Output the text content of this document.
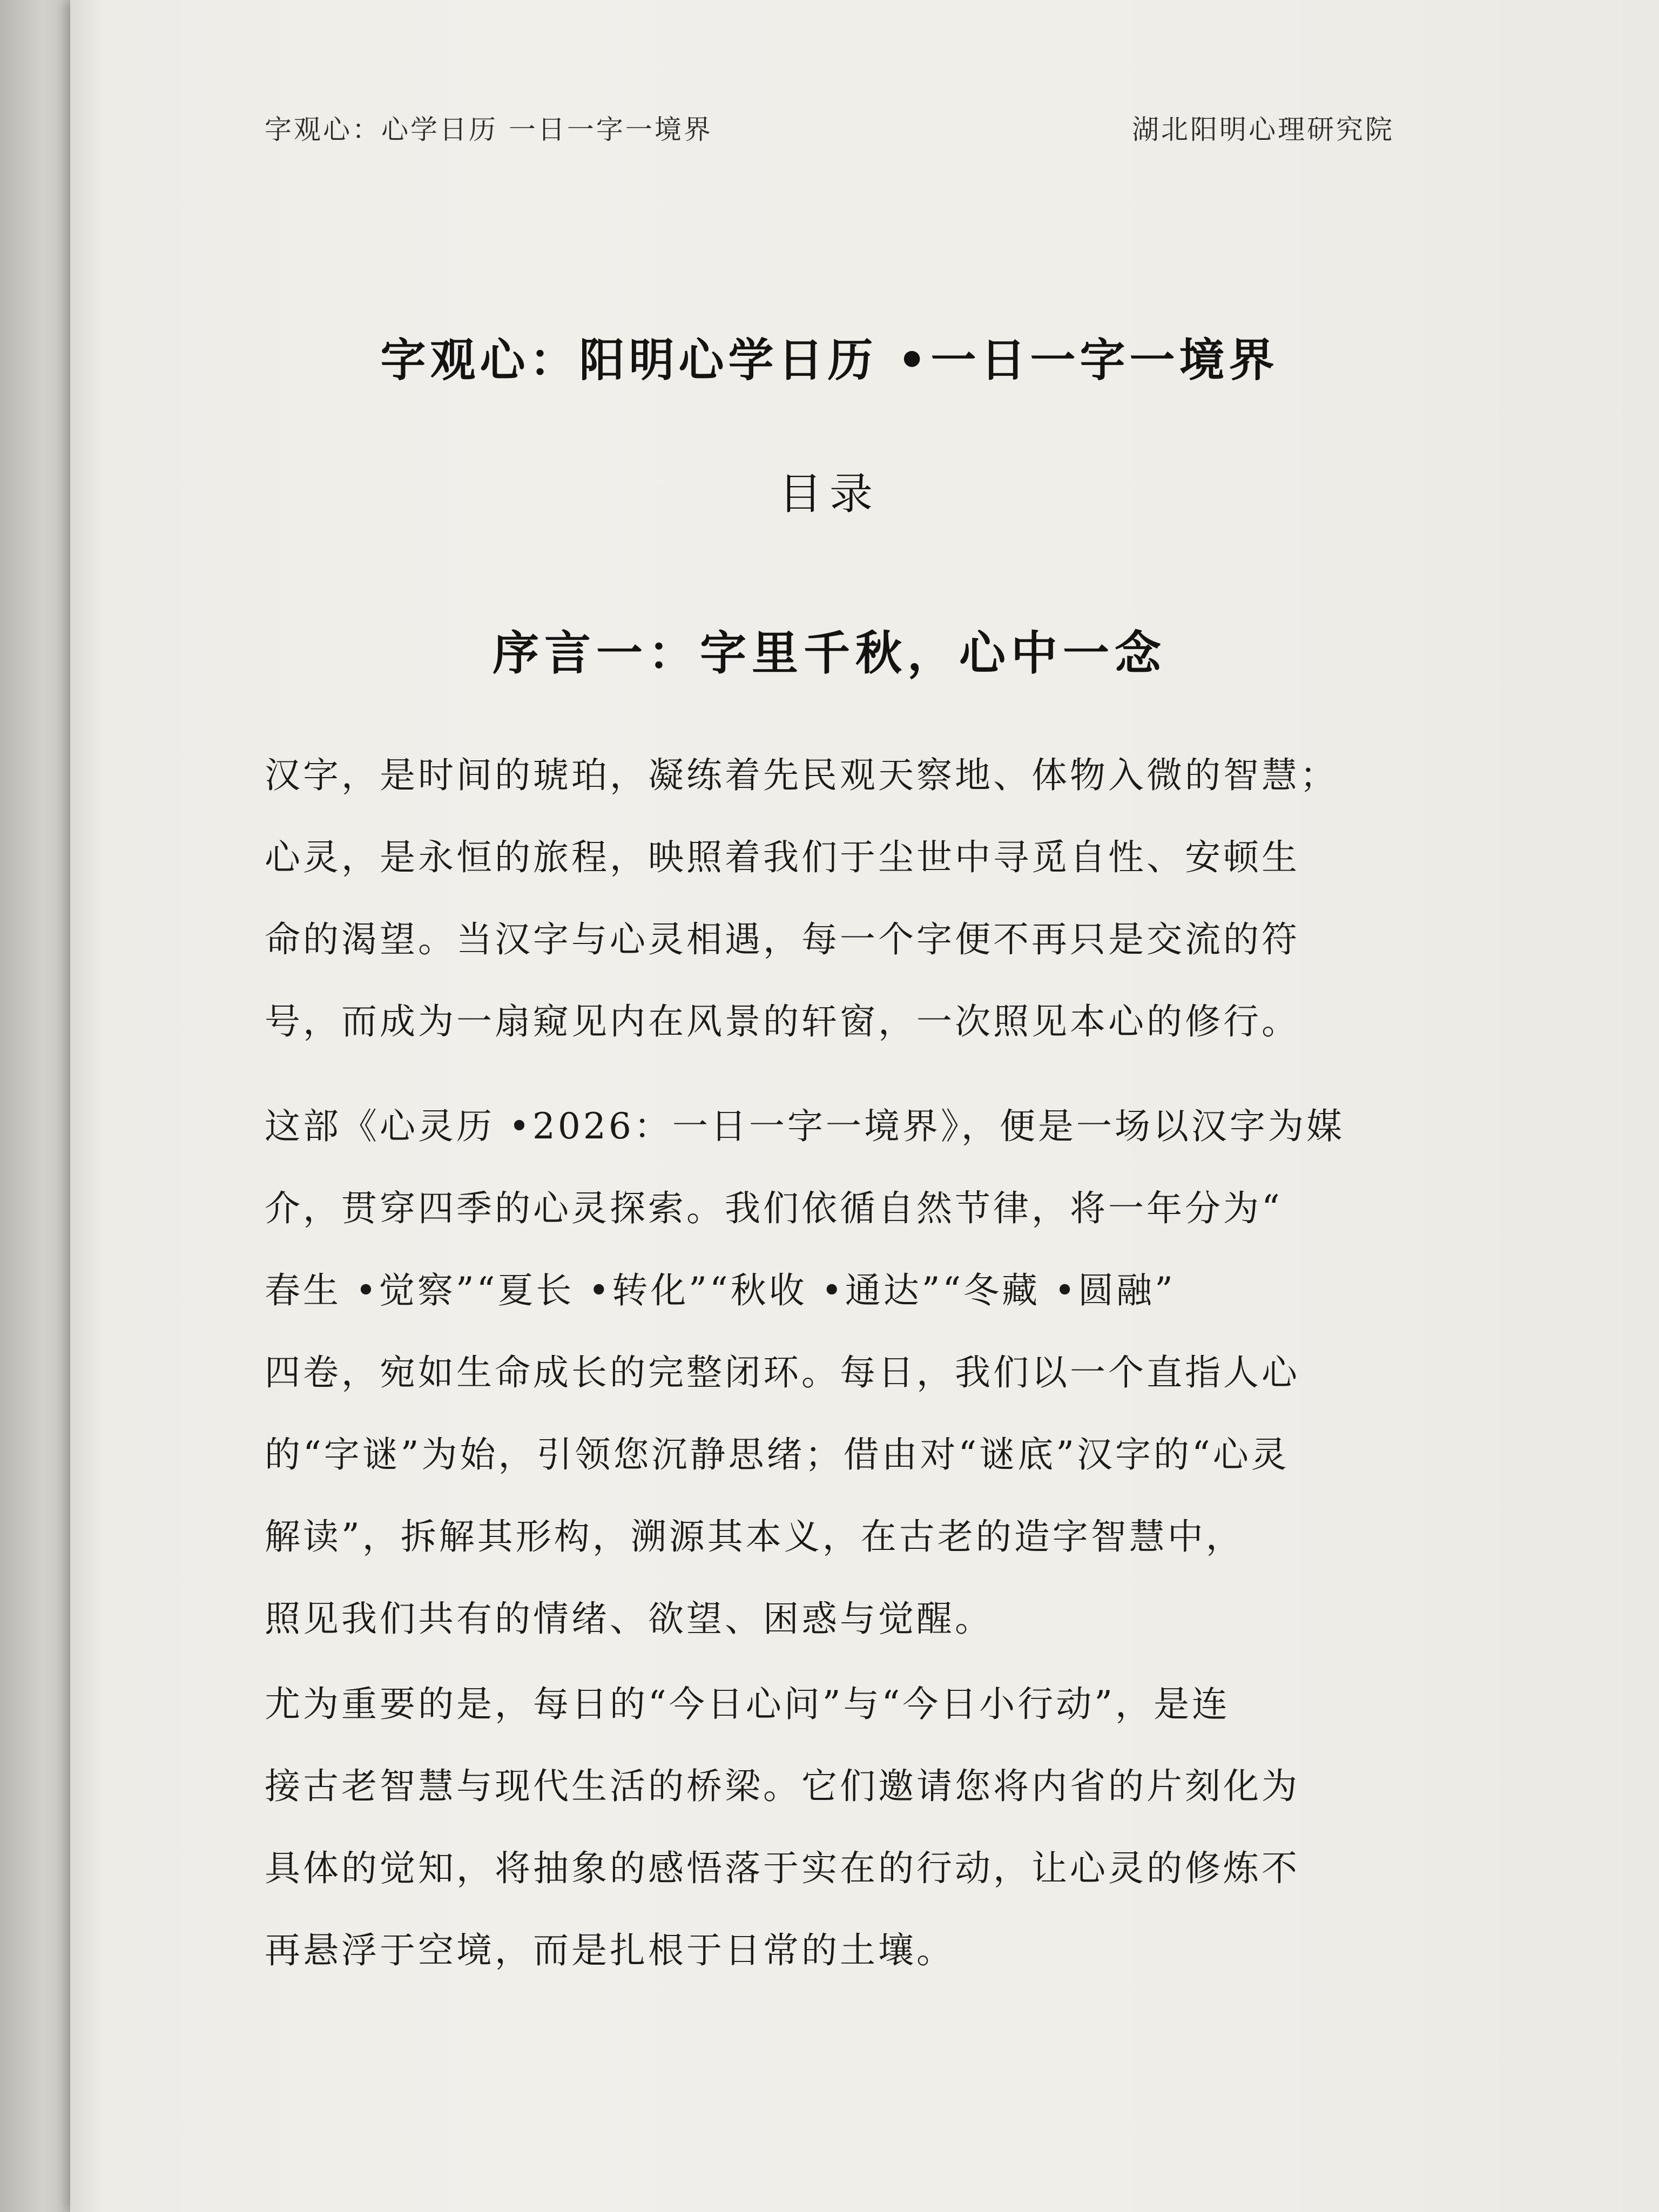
字观心：心学日历 一日一字一境界	湖北阳明心理研究院
字观心：阳明心学日历 •一日一字一境界
目录
序言一：字里千秋，心中一念

汉字，是时间的琥珀，凝练着先民观天察地、体物入微的智慧；
心灵，是永恒的旅程，映照着我们于尘世中寻觅自性、安顿生
命的渴望。当汉字与心灵相遇，每一个字便不再只是交流的符
号，而成为一扇窥见内在风景的轩窗，一次照见本心的修行。

这部《心灵历 •2026：一日一字一境界》，便是一场以汉字为媒
介，贯穿四季的心灵探索。我们依循自然节律，将一年分为“
春生 •觉察”“夏长 •转化”“秋收 •通达”“冬藏 •圆融”
四卷，宛如生命成长的完整闭环。每日，我们以一个直指人心
的“字谜”为始，引领您沉静思绪；借由对“谜底”汉字的“心灵
解读”，拆解其形构，溯源其本义，在古老的造字智慧中，
照见我们共有的情绪、欲望、困惑与觉醒。

尤为重要的是，每日的“今日心问”与“今日小行动”，是连
接古老智慧与现代生活的桥梁。它们邀请您将内省的片刻化为
具体的觉知，将抽象的感悟落于实在的行动，让心灵的修炼不
再悬浮于空境，而是扎根于日常的土壤。
